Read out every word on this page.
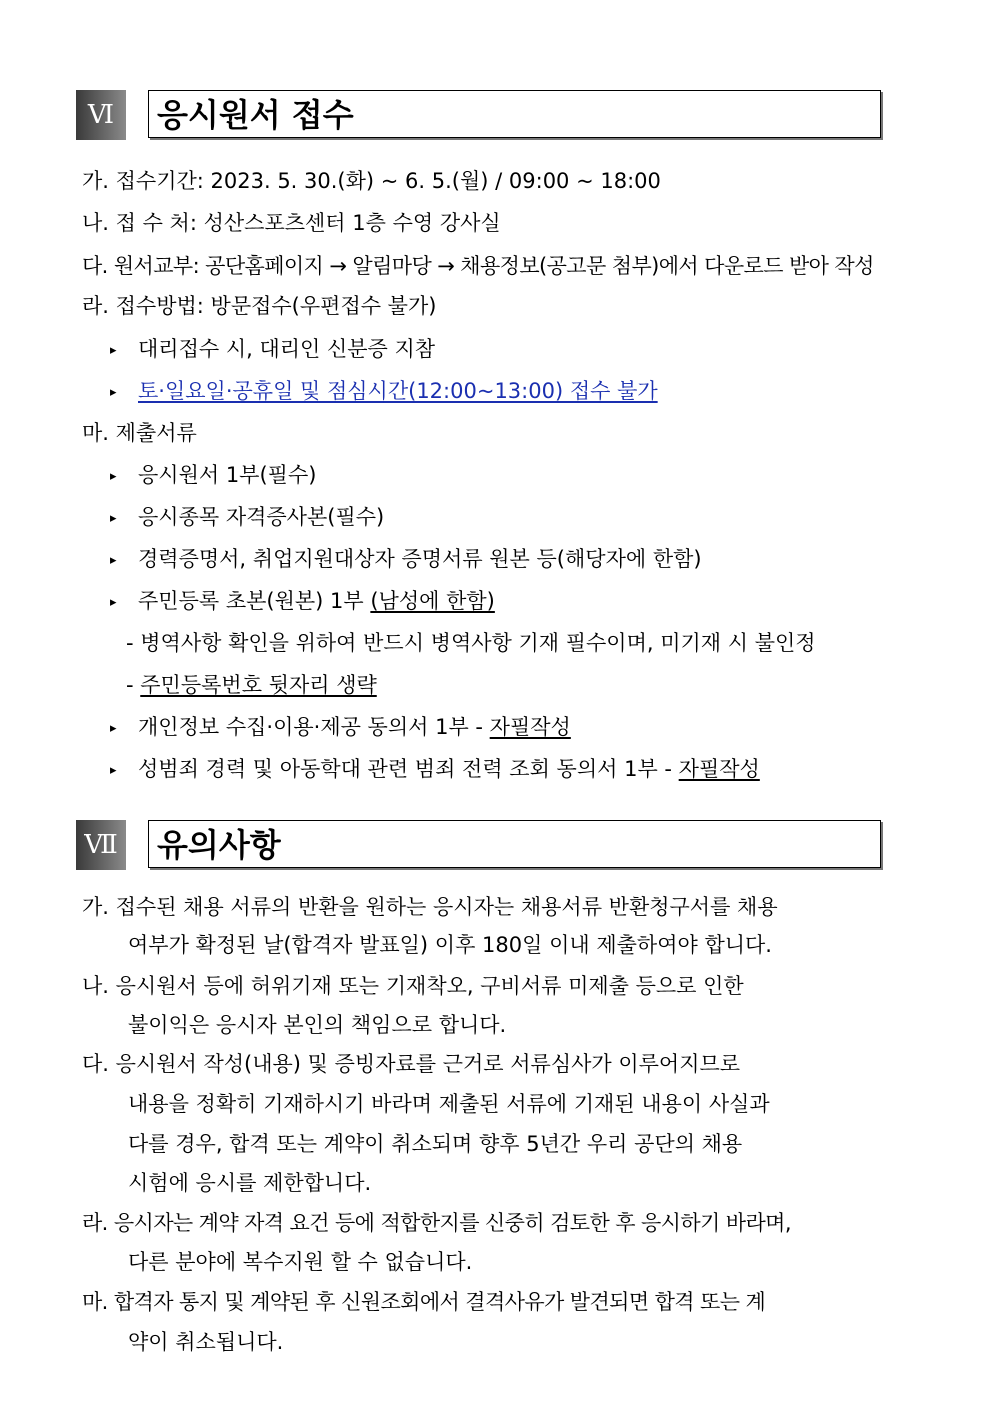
Ⅵ	응시원서 접수
가. 접수기간: 2023. 5. 30.(화) ~ 6. 5.(월) / 09:00 ~ 18:00
나. 접 수 처: 성산스포츠센터 1층 수영 강사실
다. 원서교부: 공단홈페이지 → 알림마당 → 채용정보(공고문 첨부)에서 다운로드 받아 작성
라. 접수방법: 방문접수(우편접수 불가)
▸ 대리접수 시, 대리인 신분증 지참
▸ 토·일요일·공휴일 및 점심시간(12:00~13:00) 접수 불가
마. 제출서류
▸ 응시원서 1부(필수)
▸ 응시종목 자격증사본(필수)
▸ 경력증명서, 취업지원대상자 증명서류 원본 등(해당자에 한함)
▸ 주민등록 초본(원본) 1부 (남성에 한함)
- 병역사항 확인을 위하여 반드시 병역사항 기재 필수이며, 미기재 시 불인정
- 주민등록번호 뒷자리 생략
▸ 개인정보 수집·이용·제공 동의서 1부 - 자필작성
▸ 성범죄 경력 및 아동학대 관련 범죄 전력 조회 동의서 1부 - 자필작성
Ⅶ 유의사항
가. 접수된 채용 서류의 반환을 원하는 응시자는 채용서류 반환청구서를 채용
여부가 확정된 날(합격자 발표일) 이후 180일 이내 제출하여야 합니다.
나. 응시원서 등에 허위기재 또는 기재착오, 구비서류 미제출 등으로 인한
불이익은 응시자 본인의 책임으로 합니다.
다. 응시원서 작성(내용) 및 증빙자료를 근거로 서류심사가 이루어지므로
내용을 정확히 기재하시기 바라며 제출된 서류에 기재된 내용이 사실과
다를 경우, 합격 또는 계약이 취소되며 향후 5년간 우리 공단의 채용
시험에 응시를 제한합니다.
라. 응시자는 계약 자격 요건 등에 적합한지를 신중히 검토한 후 응시하기 바라며,
다른 분야에 복수지원 할 수 없습니다.
마. 합격자 통지 및 계약된 후 신원조회에서 결격사유가 발견되면 합격 또는 계
약이 취소됩니다.
